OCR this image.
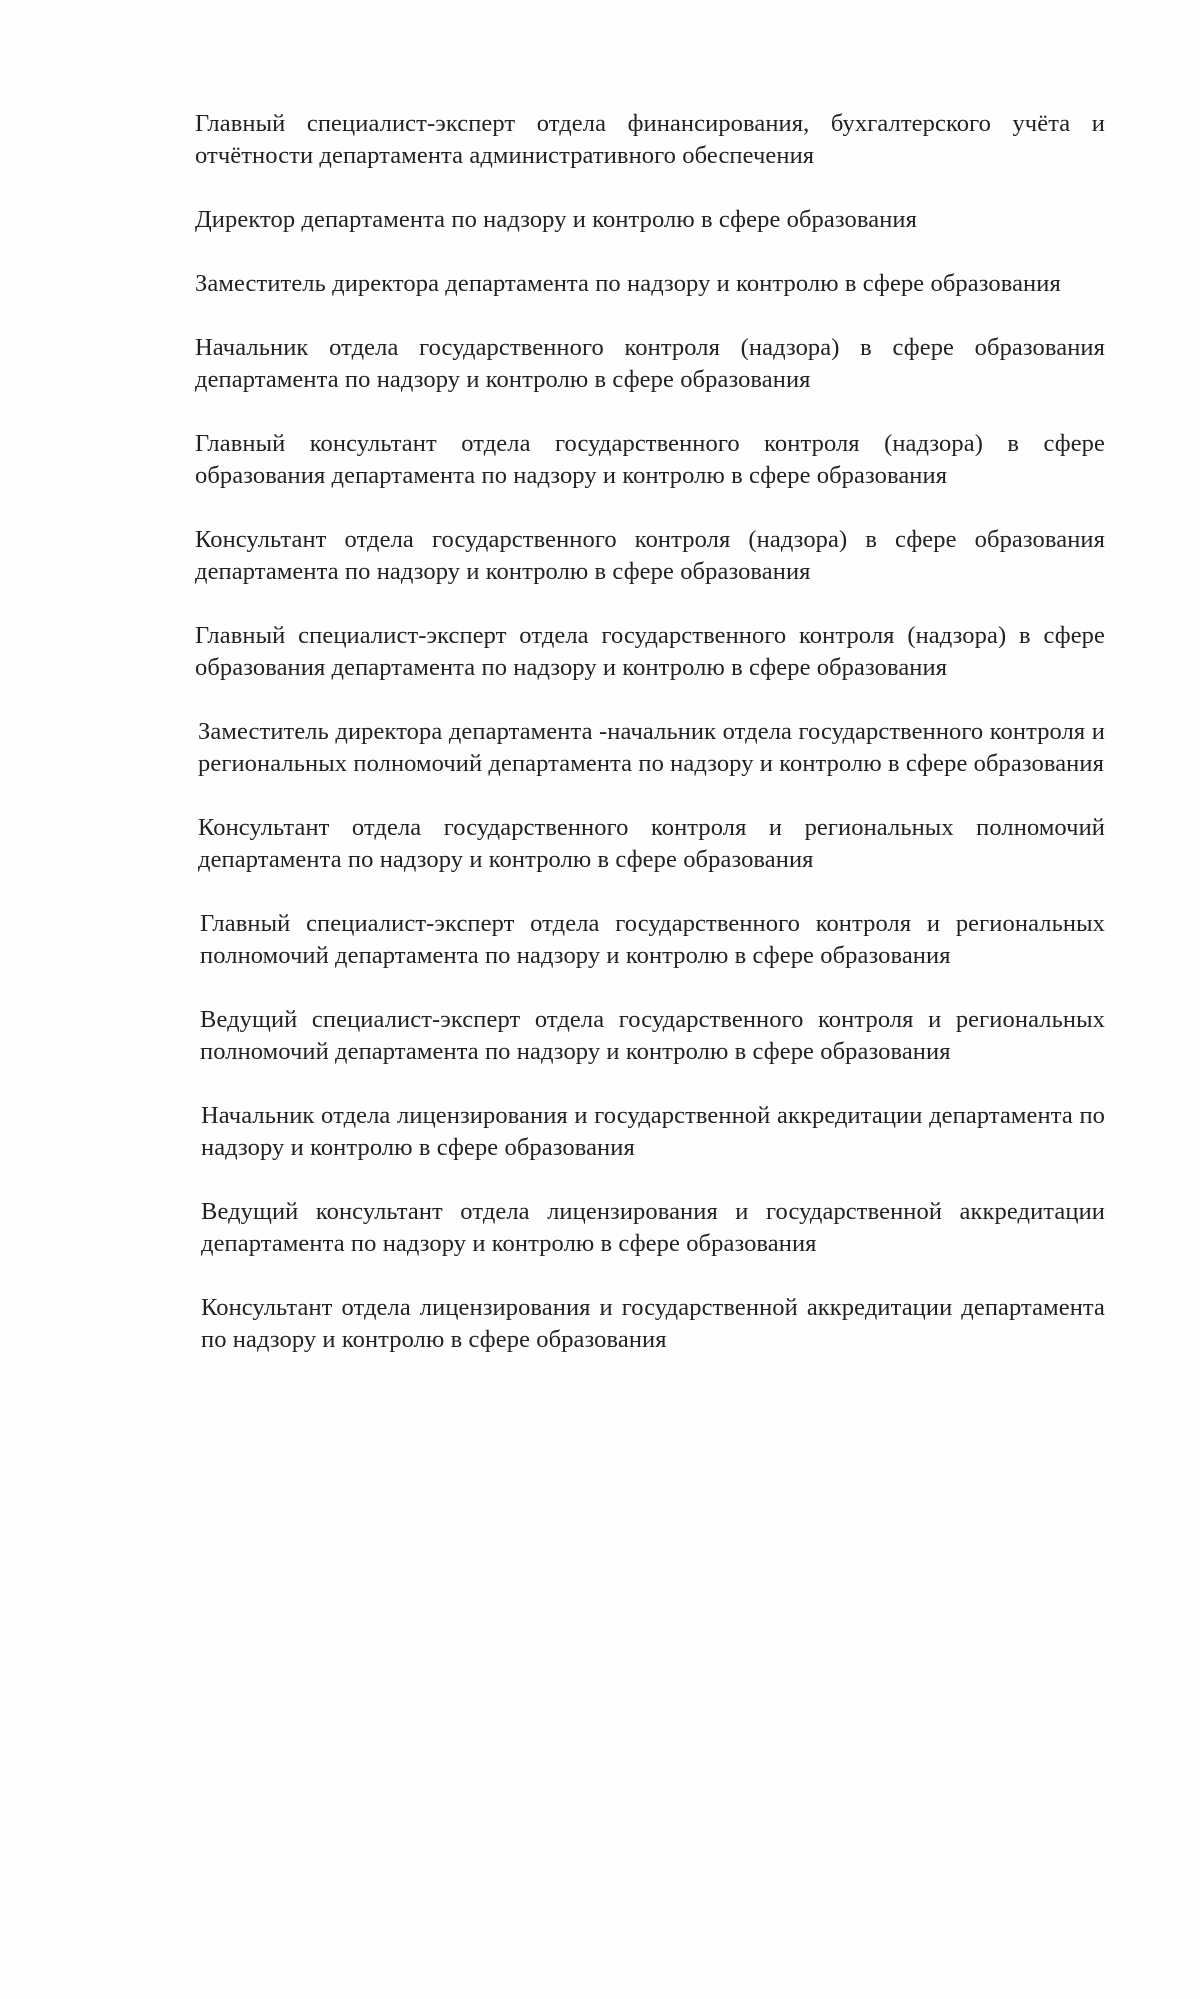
Главный специалист-эксперт отдела финансирования, бухгалтерского учёта и отчётности департамента административного обеспечения

Директор департамента по надзору и контролю в сфере образования

Заместитель директора департамента по надзору и контролю в сфере образования

Начальник отдела государственного контроля (надзора) в сфере образования департамента по надзору и контролю в сфере образования

Главный консультант отдела государственного контроля (надзора) в сфере образования департамента по надзору и контролю в сфере образования

Консультант отдела государственного контроля (надзора) в сфере образования департамента по надзору и контролю в сфере образования

Главный специалист-эксперт отдела государственного контроля (надзора) в сфере образования департамента по надзору и контролю в сфере образования

Заместитель директора департамента -начальник отдела государственного контроля и региональных полномочий департамента по надзору и контролю в сфере образования

Консультант отдела государственного контроля и региональных полномочий департамента по надзору и контролю в сфере образования

Главный специалист-эксперт отдела государственного контроля и региональных полномочий департамента по надзору и контролю в сфере образования

Ведущий специалист-эксперт отдела государственного контроля и региональных полномочий департамента по надзору и контролю в сфере образования

Начальник отдела лицензирования и государственной аккредитации департамента по надзору и контролю в сфере образования

Ведущий консультант отдела лицензирования и государственной аккредитации департамента по надзору и контролю в сфере образования

Консультант отдела лицензирования и государственной аккредитации департамента по надзору и контролю в сфере образования
